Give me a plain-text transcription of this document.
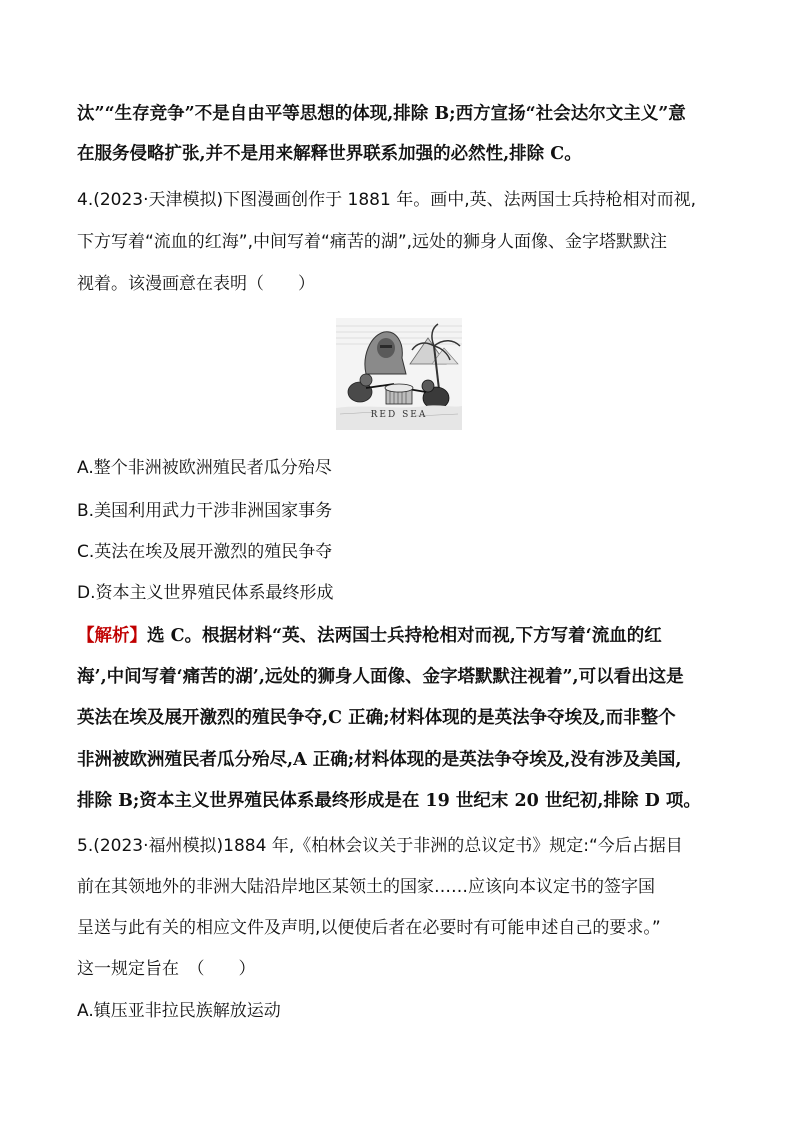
汰”“生存竞争”不是自由平等思想的体现,排除 B;西方宣扬“社会达尔文主义”意
在服务侵略扩张,并不是用来解释世界联系加强的必然性,排除 C。
4.(2023·天津模拟)下图漫画创作于 1881 年。画中,英、法两国士兵持枪相对而视,
下方写着“流血的红海”,中间写着“痛苦的湖”,远处的狮身人面像、金字塔默默注
视着。该漫画意在表明（　　）
RED SEA
A.整个非洲被欧洲殖民者瓜分殆尽
B.美国利用武力干涉非洲国家事务
C.英法在埃及展开激烈的殖民争夺
D.资本主义世界殖民体系最终形成
【解析】选 C。根据材料“英、法两国士兵持枪相对而视,下方写着‘流血的红
海’,中间写着‘痛苦的湖’,远处的狮身人面像、金字塔默默注视着”,可以看出这是
英法在埃及展开激烈的殖民争夺,C 正确;材料体现的是英法争夺埃及,而非整个
非洲被欧洲殖民者瓜分殆尽,A 正确;材料体现的是英法争夺埃及,没有涉及美国,
排除 B;资本主义世界殖民体系最终形成是在 19 世纪末 20 世纪初,排除 D 项。
5.(2023·福州模拟)1884 年,《柏林会议关于非洲的总议定书》规定:“今后占据目
前在其领地外的非洲大陆沿岸地区某领土的国家……应该向本议定书的签字国
呈送与此有关的相应文件及声明,以便使后者在必要时有可能申述自己的要求。”
这一规定旨在　（　　）
A.镇压亚非拉民族解放运动
